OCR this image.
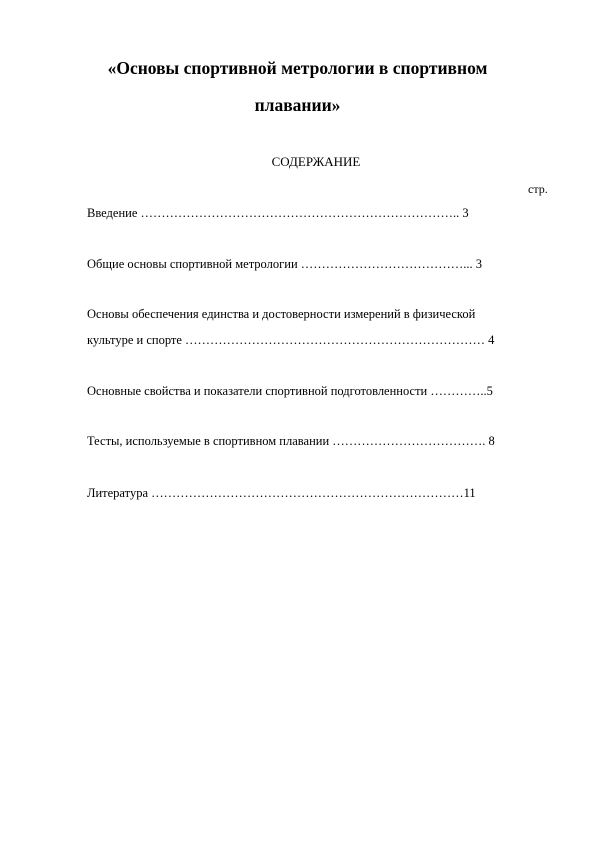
«Основы спортивной метрологии в спортивном
плавании»
СОДЕРЖАНИЕ
стр.
Введение ………………………………………………………………….. 3
Общие основы спортивной метрологии …………………………………... 3
Основы обеспечения единства и достоверности измерений в физической
культуре и спорте ……………………………………………………………… 4
Основные свойства и показатели спортивной подготовленности …………..5
Тесты, используемые в спортивном плавании ………………………………. 8
Литература …………………………………………………………………11
